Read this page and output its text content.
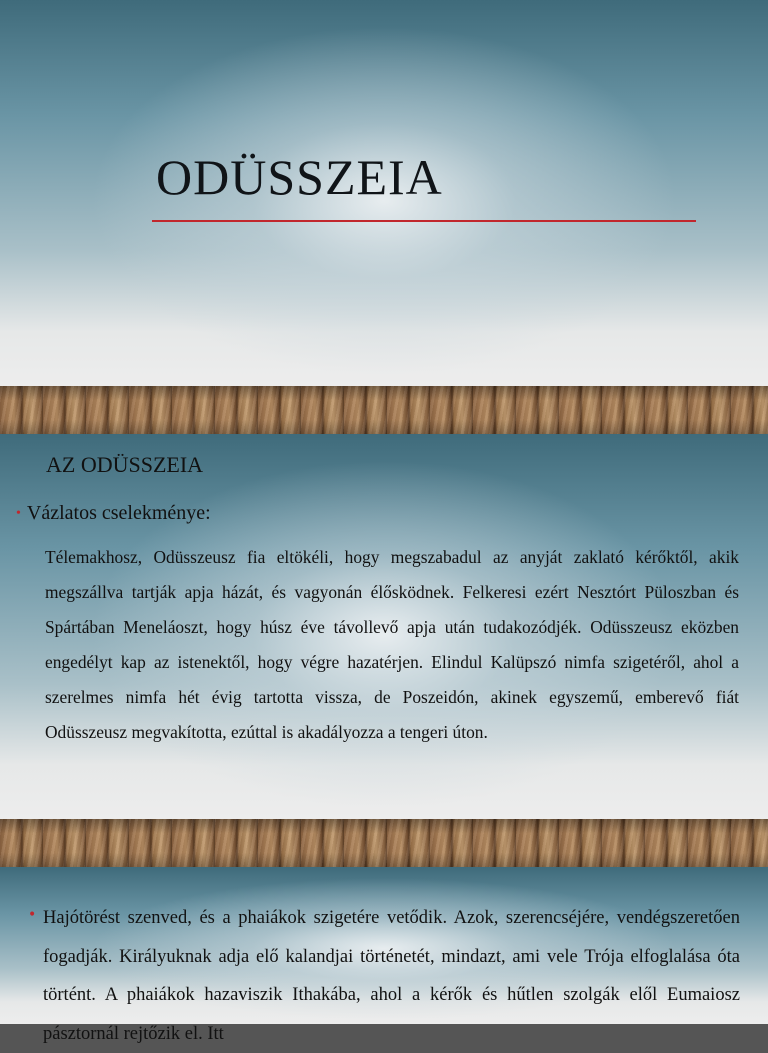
ODÜSSZEIA
AZ ODÜSSZEIA
• Vázlatos cselekménye:

Télemakhosz, Odüsszeusz fia eltökéli, hogy megszabadul az anyját zaklató kérőktől, akik megszállva tartják apja házát, és vagyonán élősködnek. Felkeresi ezért Nesztórt Püloszban és Spártában Meneláoszt, hogy húsz éve távollevő apja után tudakozódjék. Odüsszeusz eközben engedélyt kap az istenektől, hogy végre hazatérjen. Elindul Kalüpszó nimfa szigetéről, ahol a szerelmes nimfa hét évig tartotta vissza, de Poszeidón, akinek egyszemű, emberevő fiát Odüsszeusz megvakította, ezúttal is akadályozza a tengeri úton.

• Hajótörést szenved, és a phaiákok szigetére vetődik. Azok, szerencséjére, vendégszeretően fogadják. Királyuknak adja elő kalandjai történetét, mindazt, ami vele Trója elfoglalása óta történt. A phaiákok hazaviszik Ithakába, ahol a kérők és hűtlen szolgák elől Eumaiosz pásztornál rejtőzik el. Itt
